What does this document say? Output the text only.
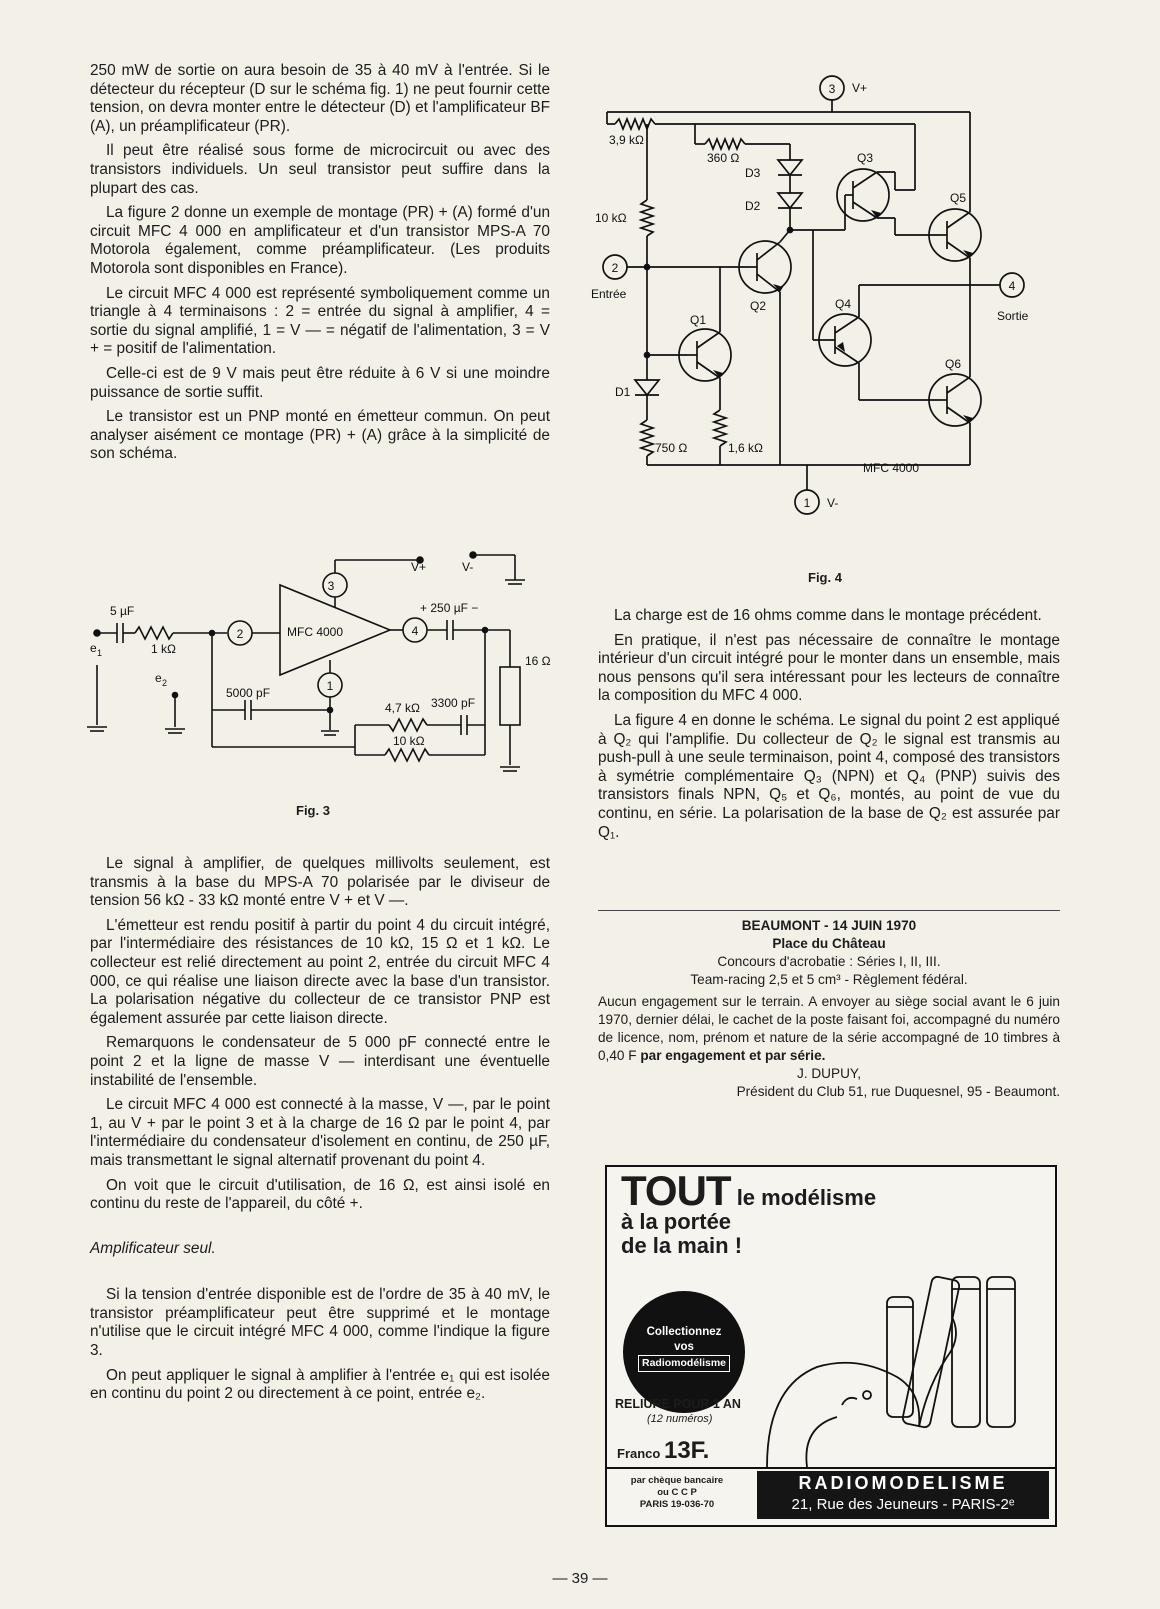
250 mW de sortie on aura besoin de 35 à 40 mV à l'entrée. Si le détecteur du récepteur (D sur le schéma fig. 1) ne peut fournir cette tension, on devra monter entre le détecteur (D) et l'amplificateur BF (A), un préamplificateur (PR).

Il peut être réalisé sous forme de microcircuit ou avec des transistors individuels. Un seul transistor peut suffire dans la plupart des cas.

La figure 2 donne un exemple de montage (PR) + (A) formé d'un circuit MFC 4 000 en amplificateur et d'un transistor MPS-A 70 Motorola également, comme préamplificateur. (Les produits Motorola sont disponibles en France).

Le circuit MFC 4 000 est représenté symboliquement comme un triangle à 4 terminaisons : 2 = entrée du signal à amplifier, 4 = sortie du signal amplifié, 1 = V — = négatif de l'alimentation, 3 = V + = positif de l'alimentation.

Celle-ci est de 9 V mais peut être réduite à 6 V si une moindre puissance de sortie suffit.

Le transistor est un PNP monté en émetteur commun. On peut analyser aisément ce montage (PR) + (A) grâce à la simplicité de son schéma.

V+	V-
3
2	4
1
MFC 4000
5 µF
1 kΩ
e 1
e 2
5000 pF
+ 250 µF −
16 Ω
4,7 kΩ 3300 pF
10 kΩ
Fig. 3

Le signal à amplifier, de quelques millivolts seulement, est transmis à la base du MPS-A 70 polarisée par le diviseur de tension 56 kΩ - 33 kΩ monté entre V + et V —.

L'émetteur est rendu positif à partir du point 4 du circuit intégré, par l'intermédiaire des résistances de 10 kΩ, 15 Ω et 1 kΩ. Le collecteur est relié directement au point 2, entrée du circuit MFC 4 000, ce qui réalise une liaison directe avec la base d'un transistor. La polarisation négative du collecteur de ce transistor PNP est également assurée par cette liaison directe.

Remarquons le condensateur de 5 000 pF connecté entre le point 2 et la ligne de masse V — interdisant une éventuelle instabilité de l'ensemble.

Le circuit MFC 4 000 est connecté à la masse, V —, par le point 1, au V + par le point 3 et à la charge de 16 Ω par le point 4, par l'intermédiaire du condensateur d'isolement en continu, de 250 µF, mais transmettant le signal alternatif provenant du point 4.

On voit que le circuit d'utilisation, de 16 Ω, est ainsi isolé en continu du reste de l'appareil, du côté +.

Amplificateur seul.

Si la tension d'entrée disponible est de l'ordre de 35 à 40 mV, le transistor préamplificateur peut être supprimé et le montage n'utilise que le circuit intégré MFC 4 000, comme l'indique la figure 3.

On peut appliquer le signal à amplifier à l'entrée e₁ qui est isolée en continu du point 2 ou directement à ce point, entrée e₂.

3 V+
3,9 kΩ
360 Ω
D3
D2
10 kΩ
2
Entrée
Q2
Q1
Q3
Q5
Q4
Q6
4
Sortie
D1
750 Ω	1,6 kΩ
MFC 4000
1 V-
Fig. 4

La charge est de 16 ohms comme dans le montage précédent.

En pratique, il n'est pas nécessaire de connaître le montage intérieur d'un circuit intégré pour le monter dans un ensemble, mais nous pensons qu'il sera intéressant pour les lecteurs de connaître la composition du MFC 4 000.

La figure 4 en donne le schéma. Le signal du point 2 est appliqué à Q₂ qui l'amplifie. Du collecteur de Q₂ le signal est transmis au push-pull à une seule terminaison, point 4, composé des transistors à symétrie complémentaire Q₃ (NPN) et Q₄ (PNP) suivis des transistors finals NPN, Q₅ et Q₆, montés, au point de vue du continu, en série. La polarisation de la base de Q₂ est assurée par Q₁.

BEAUMONT - 14 JUIN 1970
Place du Château
Concours d'acrobatie : Séries I, II, III.
Team-racing 2,5 et 5 cm³ - Règlement fédéral.
Aucun engagement sur le terrain. A envoyer au siège social avant le 6 juin 1970, dernier délai, le cachet de la poste faisant foi, accompagné du numéro de licence, nom, prénom et nature de la série accompagné de 10 timbres à 0,40 F par engagement et par série.
J. DUPUY,
Président du Club 51, rue Duquesnel, 95 - Beaumont.
TOUT le modélisme
à la portée
de la main !
Collectionnez
vos
Radiomodélisme
RELIURE POUR 1 AN
(12 numéros)
Franco 13F.
par chèque bancaire
ou C C P
PARIS 19-036-70
RADIOMODELISME
21, Rue des Jeuneurs - PARIS-2ᵉ
— 39 —
